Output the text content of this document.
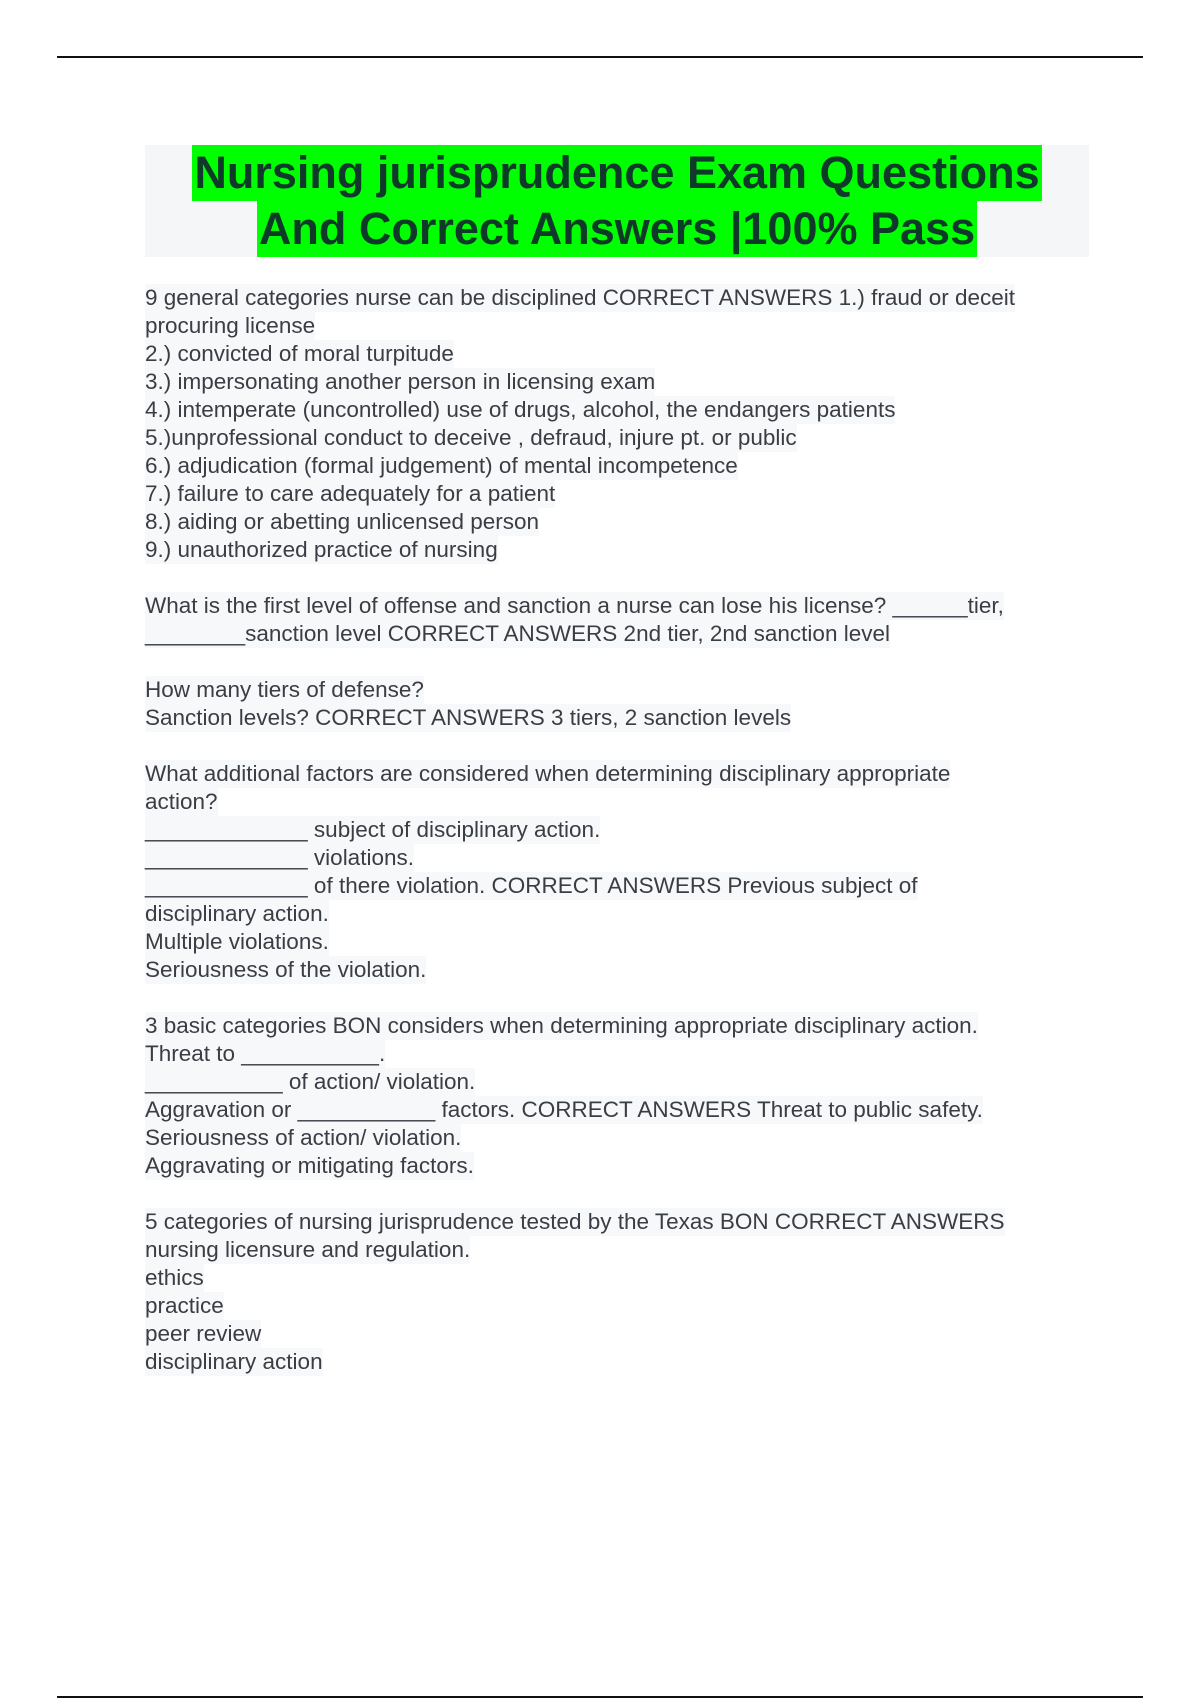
Nursing jurisprudence Exam Questions
And Correct Answers |100% Pass
9 general categories nurse can be disciplined CORRECT ANSWERS 1.) fraud or deceit
procuring license
2.) convicted of moral turpitude
3.) impersonating another person in licensing exam
4.) intemperate (uncontrolled) use of drugs, alcohol, the endangers patients
5.)unprofessional conduct to deceive , defraud, injure pt. or public
6.) adjudication (formal judgement) of mental incompetence
7.) failure to care adequately for a patient
8.) aiding or abetting unlicensed person
9.) unauthorized practice of nursing
What is the first level of offense and sanction a nurse can lose his license? ______tier,
________sanction level CORRECT ANSWERS 2nd tier, 2nd sanction level
How many tiers of defense?
Sanction levels? CORRECT ANSWERS 3 tiers, 2 sanction levels
What additional factors are considered when determining disciplinary appropriate
action?
_____________ subject of disciplinary action.
_____________ violations.
_____________ of there violation. CORRECT ANSWERS Previous subject of
disciplinary action.
Multiple violations.
Seriousness of the violation.
3 basic categories BON considers when determining appropriate disciplinary action.
Threat to ___________.
___________ of action/ violation.
Aggravation or ___________ factors. CORRECT ANSWERS Threat to public safety.
Seriousness of action/ violation.
Aggravating or mitigating factors.
5 categories of nursing jurisprudence tested by the Texas BON CORRECT ANSWERS
nursing licensure and regulation.
ethics
practice
peer review
disciplinary action
